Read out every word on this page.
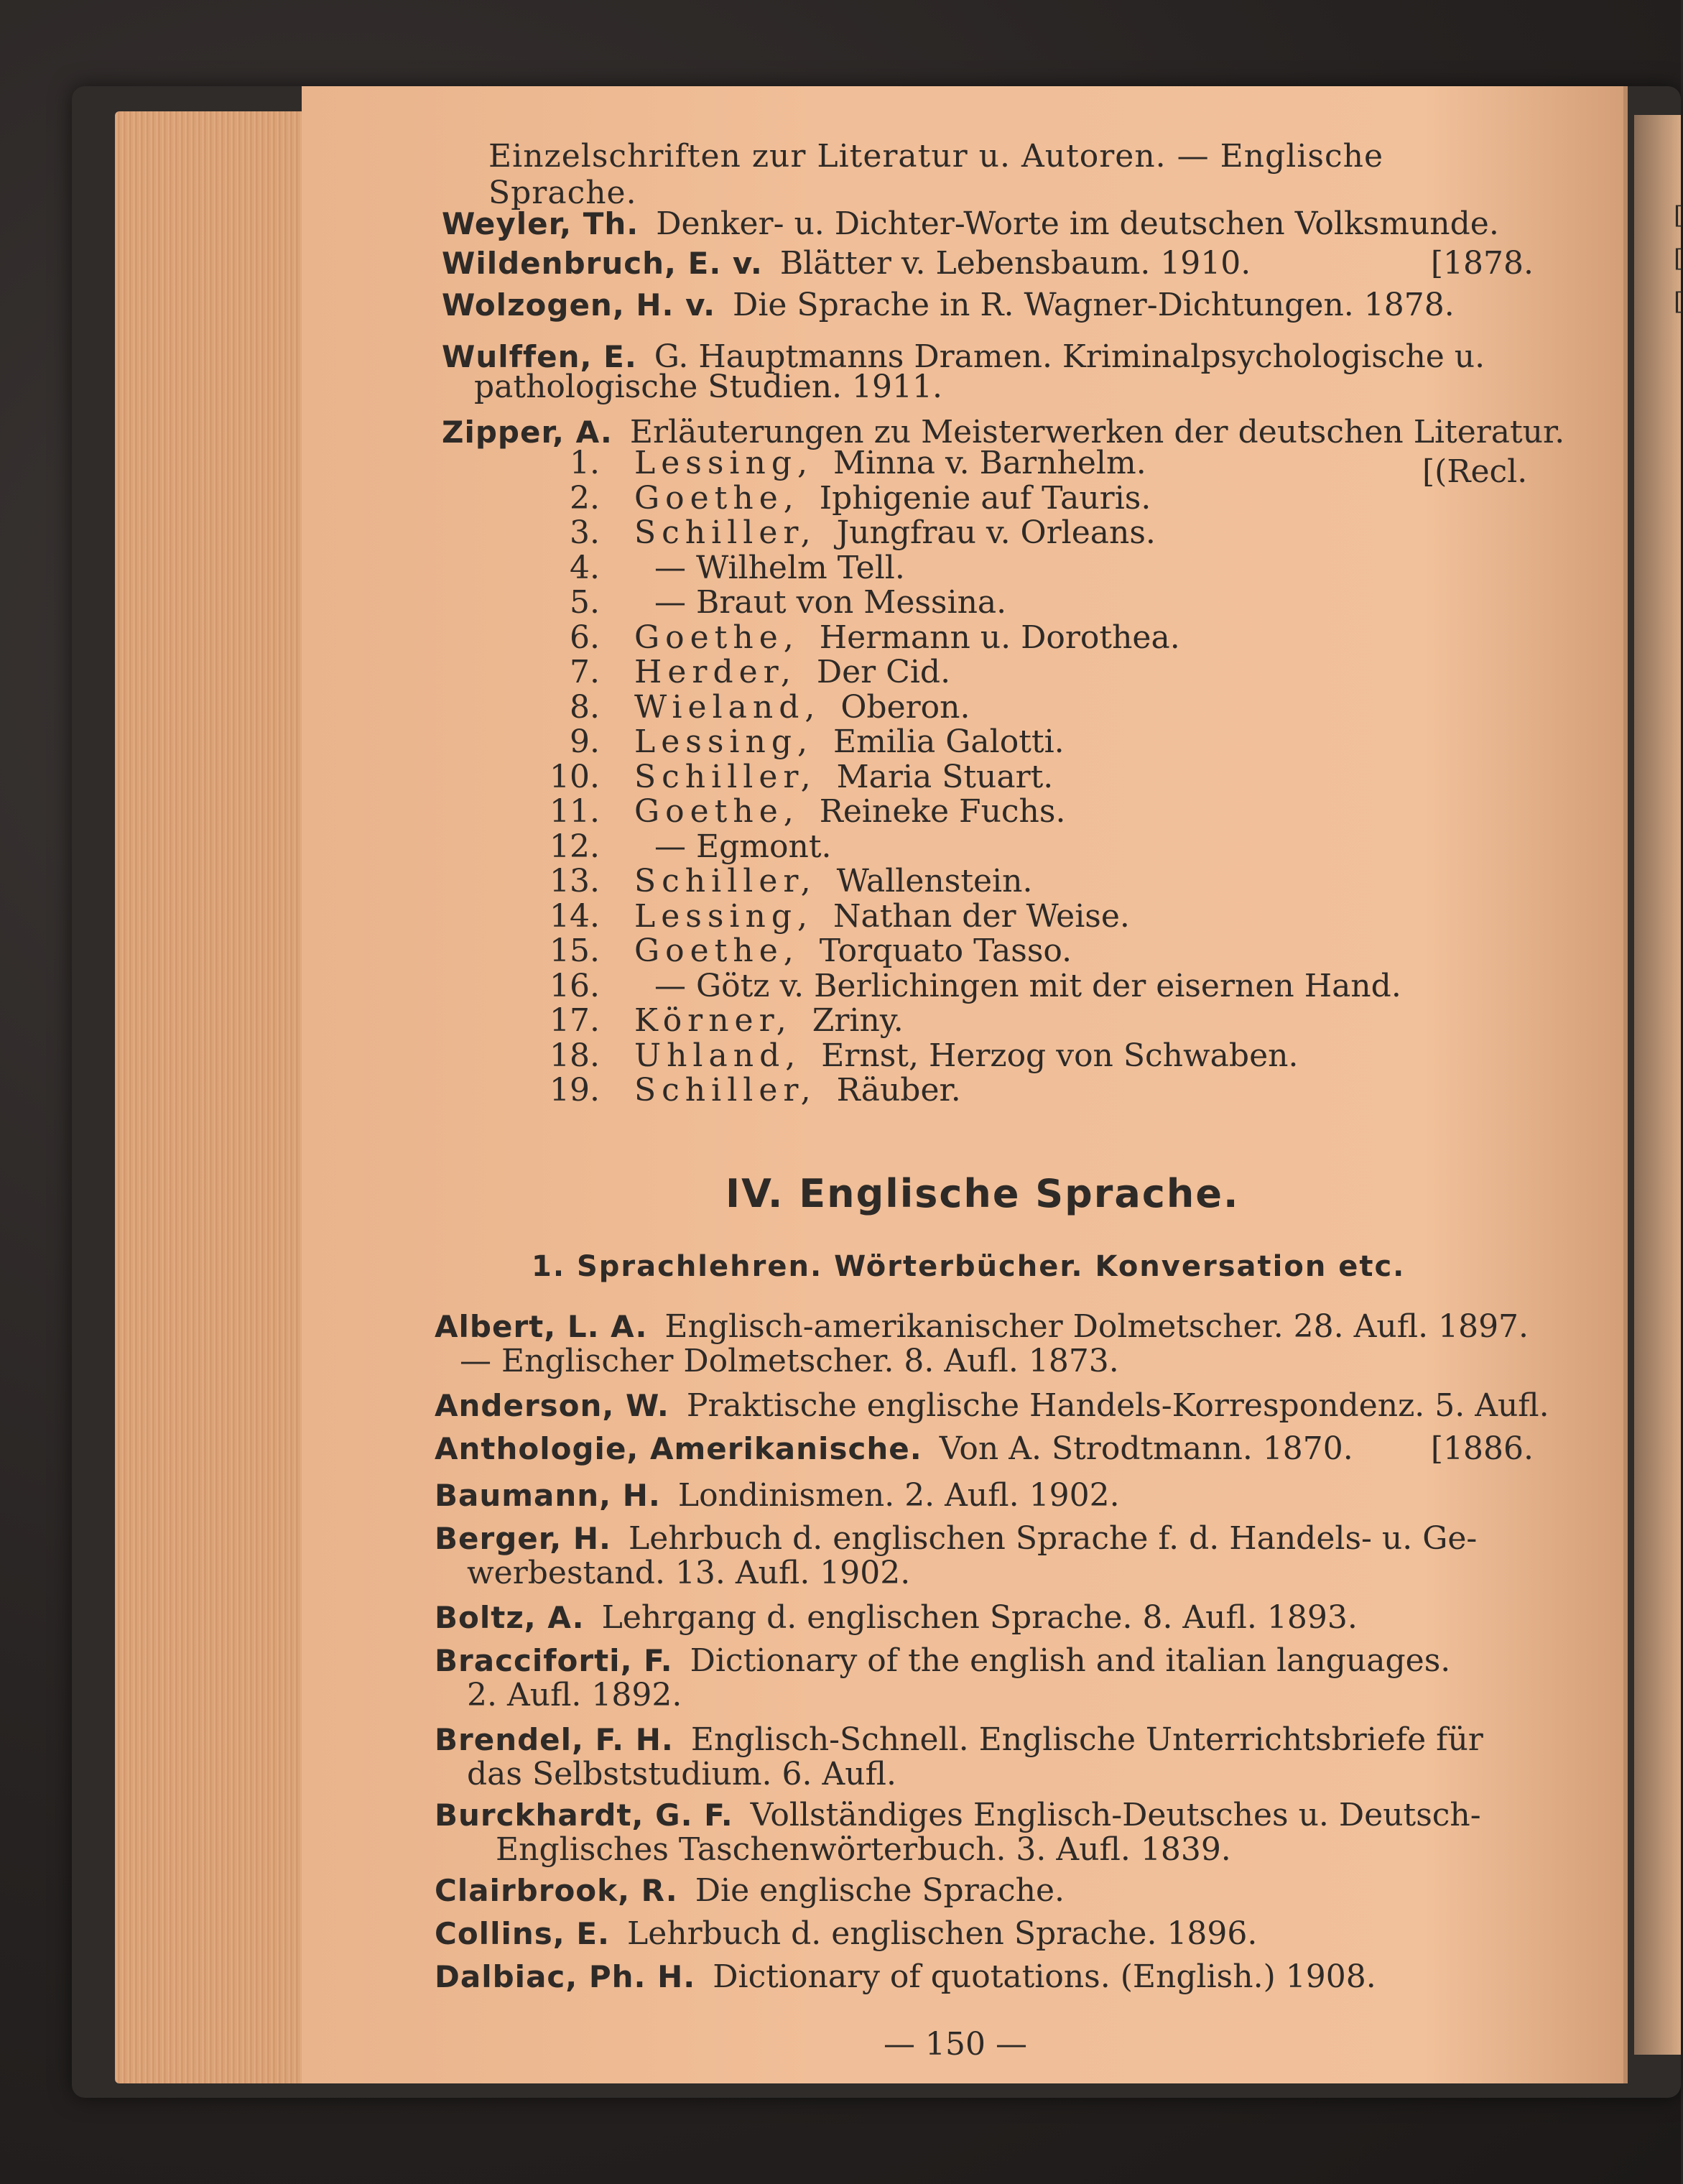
[
[
[
Einzelschriften zur Literatur u. Autoren. — Englische Sprache.
Weyler, Th. Denker- u. Dichter-Worte im deutschen Volksmunde.
Wildenbruch, E. v. Blätter v. Lebensbaum. 1910.	[1878.
Wolzogen, H. v. Die Sprache in R. Wagner-Dichtungen. 1878.
Wulffen, E. G. Hauptmanns Dramen. Kriminalpsychologische u.
pathologische Studien. 1911.
Zipper, A. Erläuterungen zu Meisterwerken der deutschen Literatur.
[(Recl.
1. Lessing, Minna v. Barnhelm.
2. Goethe, Iphigenie auf Tauris.
3. Schiller, Jungfrau v. Orleans.
4. — Wilhelm Tell.
5. — Braut von Messina.
6. Goethe, Hermann u. Dorothea.
7. Herder, Der Cid.
8. Wieland, Oberon.
9. Lessing, Emilia Galotti.
10. Schiller, Maria Stuart.
11. Goethe, Reineke Fuchs.
12. — Egmont.
13. Schiller, Wallenstein.
14. Lessing, Nathan der Weise.
15. Goethe, Torquato Tasso.
16. — Götz v. Berlichingen mit der eisernen Hand.
17. Körner, Zriny.
18. Uhland, Ernst, Herzog von Schwaben.
19. Schiller, Räuber.
IV. Englische Sprache.
1. Sprachlehren. Wörterbücher. Konversation etc.
Albert, L. A. Englisch-amerikanischer Dolmetscher. 28. Aufl. 1897.
— Englischer Dolmetscher. 8. Aufl. 1873.
Anderson, W. Praktische englische Handels-Korrespondenz. 5. Aufl.
Anthologie, Amerikanische. Von A. Strodtmann. 1870. [1886.
Baumann, H. Londinismen. 2. Aufl. 1902.
Berger, H. Lehrbuch d. englischen Sprache f. d. Handels- u. Ge-
werbestand. 13. Aufl. 1902.
Boltz, A. Lehrgang d. englischen Sprache. 8. Aufl. 1893.
Bracciforti, F. Dictionary of the english and italian languages.
2. Aufl. 1892.
Brendel, F. H. Englisch-Schnell. Englische Unterrichtsbriefe für
das Selbststudium. 6. Aufl.
Burckhardt, G. F. Vollständiges Englisch-Deutsches u. Deutsch-
Englisches Taschenwörterbuch. 3. Aufl. 1839.
Clairbrook, R. Die englische Sprache.
Collins, E. Lehrbuch d. englischen Sprache. 1896.
Dalbiac, Ph. H. Dictionary of quotations. (English.) 1908.
— 150 —
